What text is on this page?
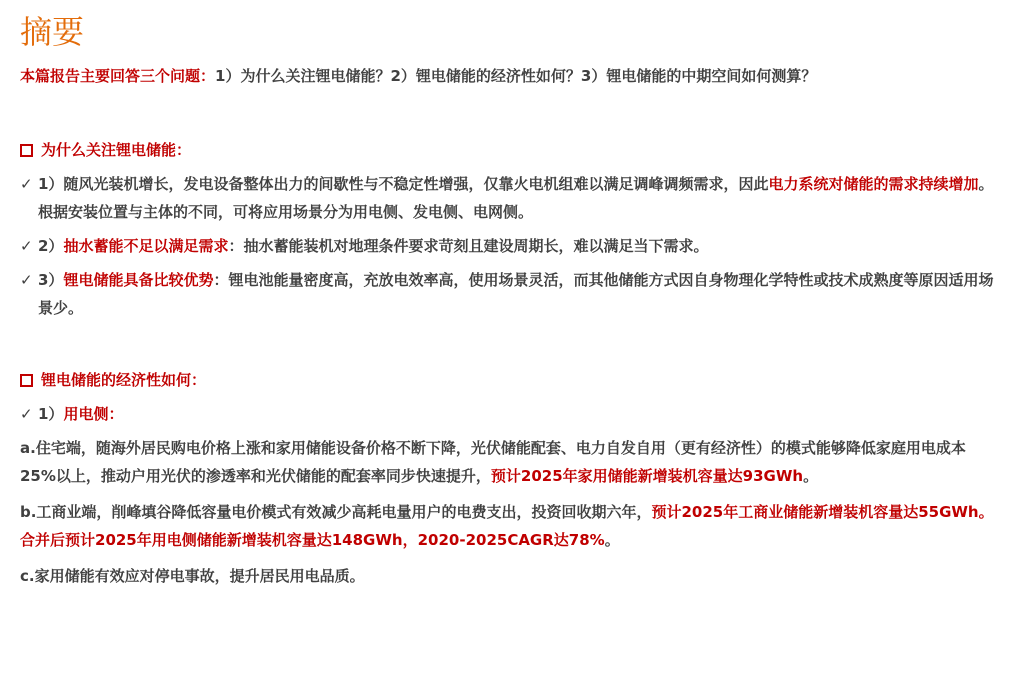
摘要
本篇报告主要回答三个问题：1）为什么关注锂电储能？2）锂电储能的经济性如何？3）锂电储能的中期空间如何测算？
为什么关注锂电储能：
✓ 1）随风光装机增长，发电设备整体出力的间歇性与不稳定性增强，仅靠火电机组难以满足调峰调频需求，因此电力系统对储能的需求持续增加。根据安装位置与主体的不同，可将应用场景分为用电侧、发电侧、电网侧。
✓ 2）抽水蓄能不足以满足需求：抽水蓄能装机对地理条件要求苛刻且建设周期长，难以满足当下需求。
✓ 3）锂电储能具备比较优势：锂电池能量密度高，充放电效率高，使用场景灵活，而其他储能方式因自身物理化学特性或技术成熟度等原因适用场景少。
锂电储能的经济性如何：
✓ 1）用电侧：
a.住宅端，随海外居民购电价格上涨和家用储能设备价格不断下降，光伏储能配套、电力自发自用（更有经济性）的模式能够降低家庭用电成本25%以上，推动户用光伏的渗透率和光伏储能的配套率同步快速提升，预计2025年家用储能新增装机容量达93GWh。
b.工商业端，削峰填谷降低容量电价模式有效减少高耗电量用户的电费支出，投资回收期六年，预计2025年工商业储能新增装机容量达55GWh。合并后预计2025年用电侧储能新增装机容量达148GWh，2020-2025CAGR达78%。
c.家用储能有效应对停电事故，提升居民用电品质。
